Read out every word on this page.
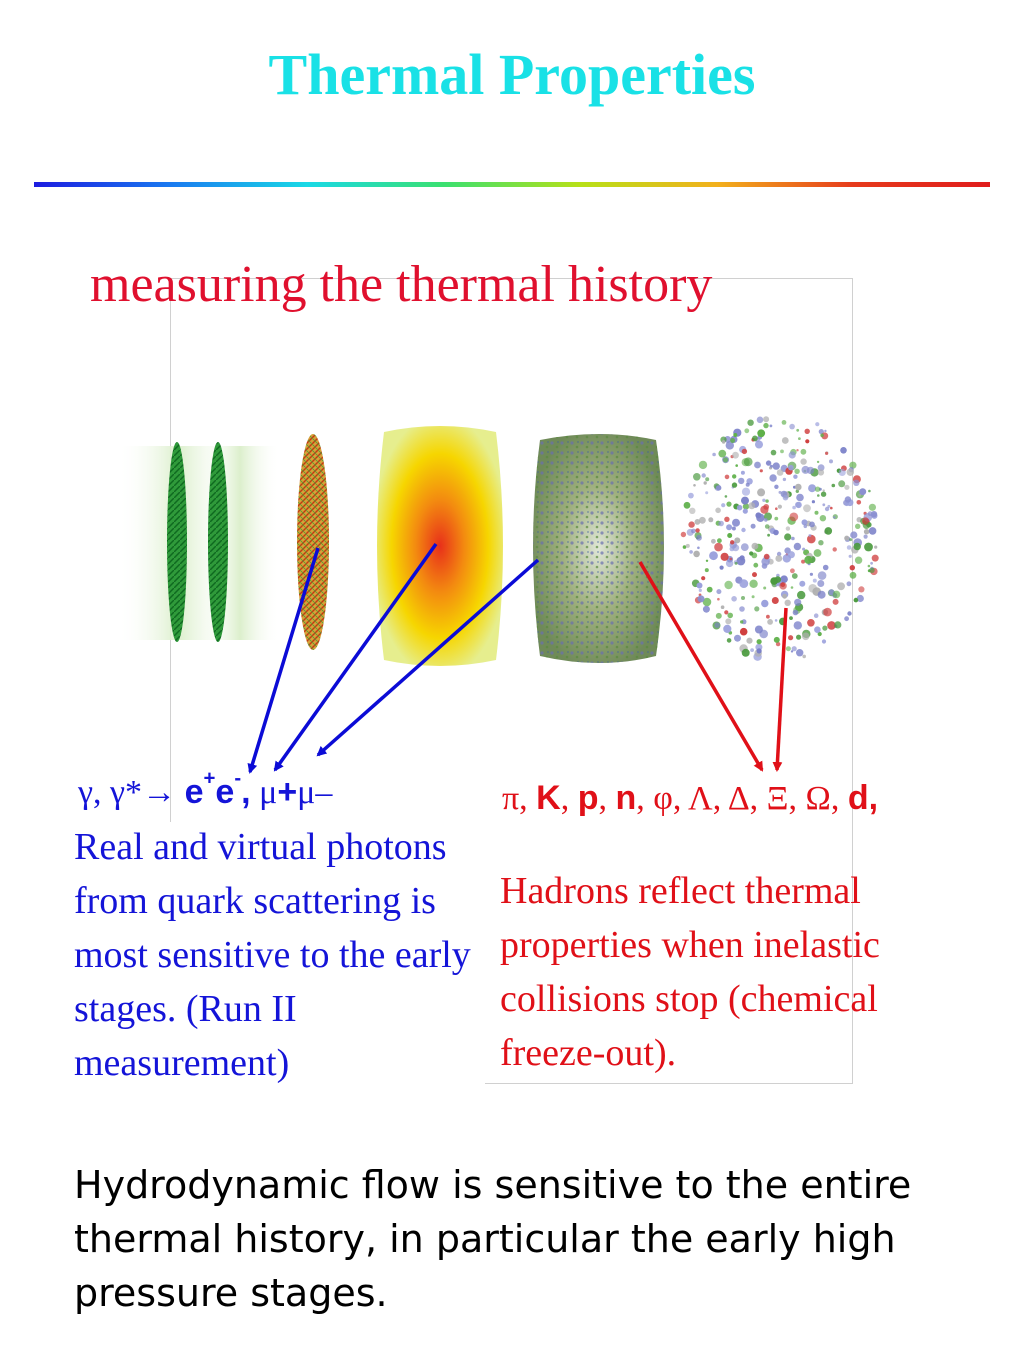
Thermal Properties
measuring the thermal history
γ, γ*→ e+e-, μ+μ–
Real and virtual photons from quark scattering is most sensitive to the early stages. (Run II measurement)
π, K, p, n, φ, Λ, Δ, Ξ, Ω, d,
Hadrons reflect thermal properties when inelastic collisions stop (chemical freeze-out).
Hydrodynamic flow is sensitive to the entire thermal history, in particular the early high pressure stages.
